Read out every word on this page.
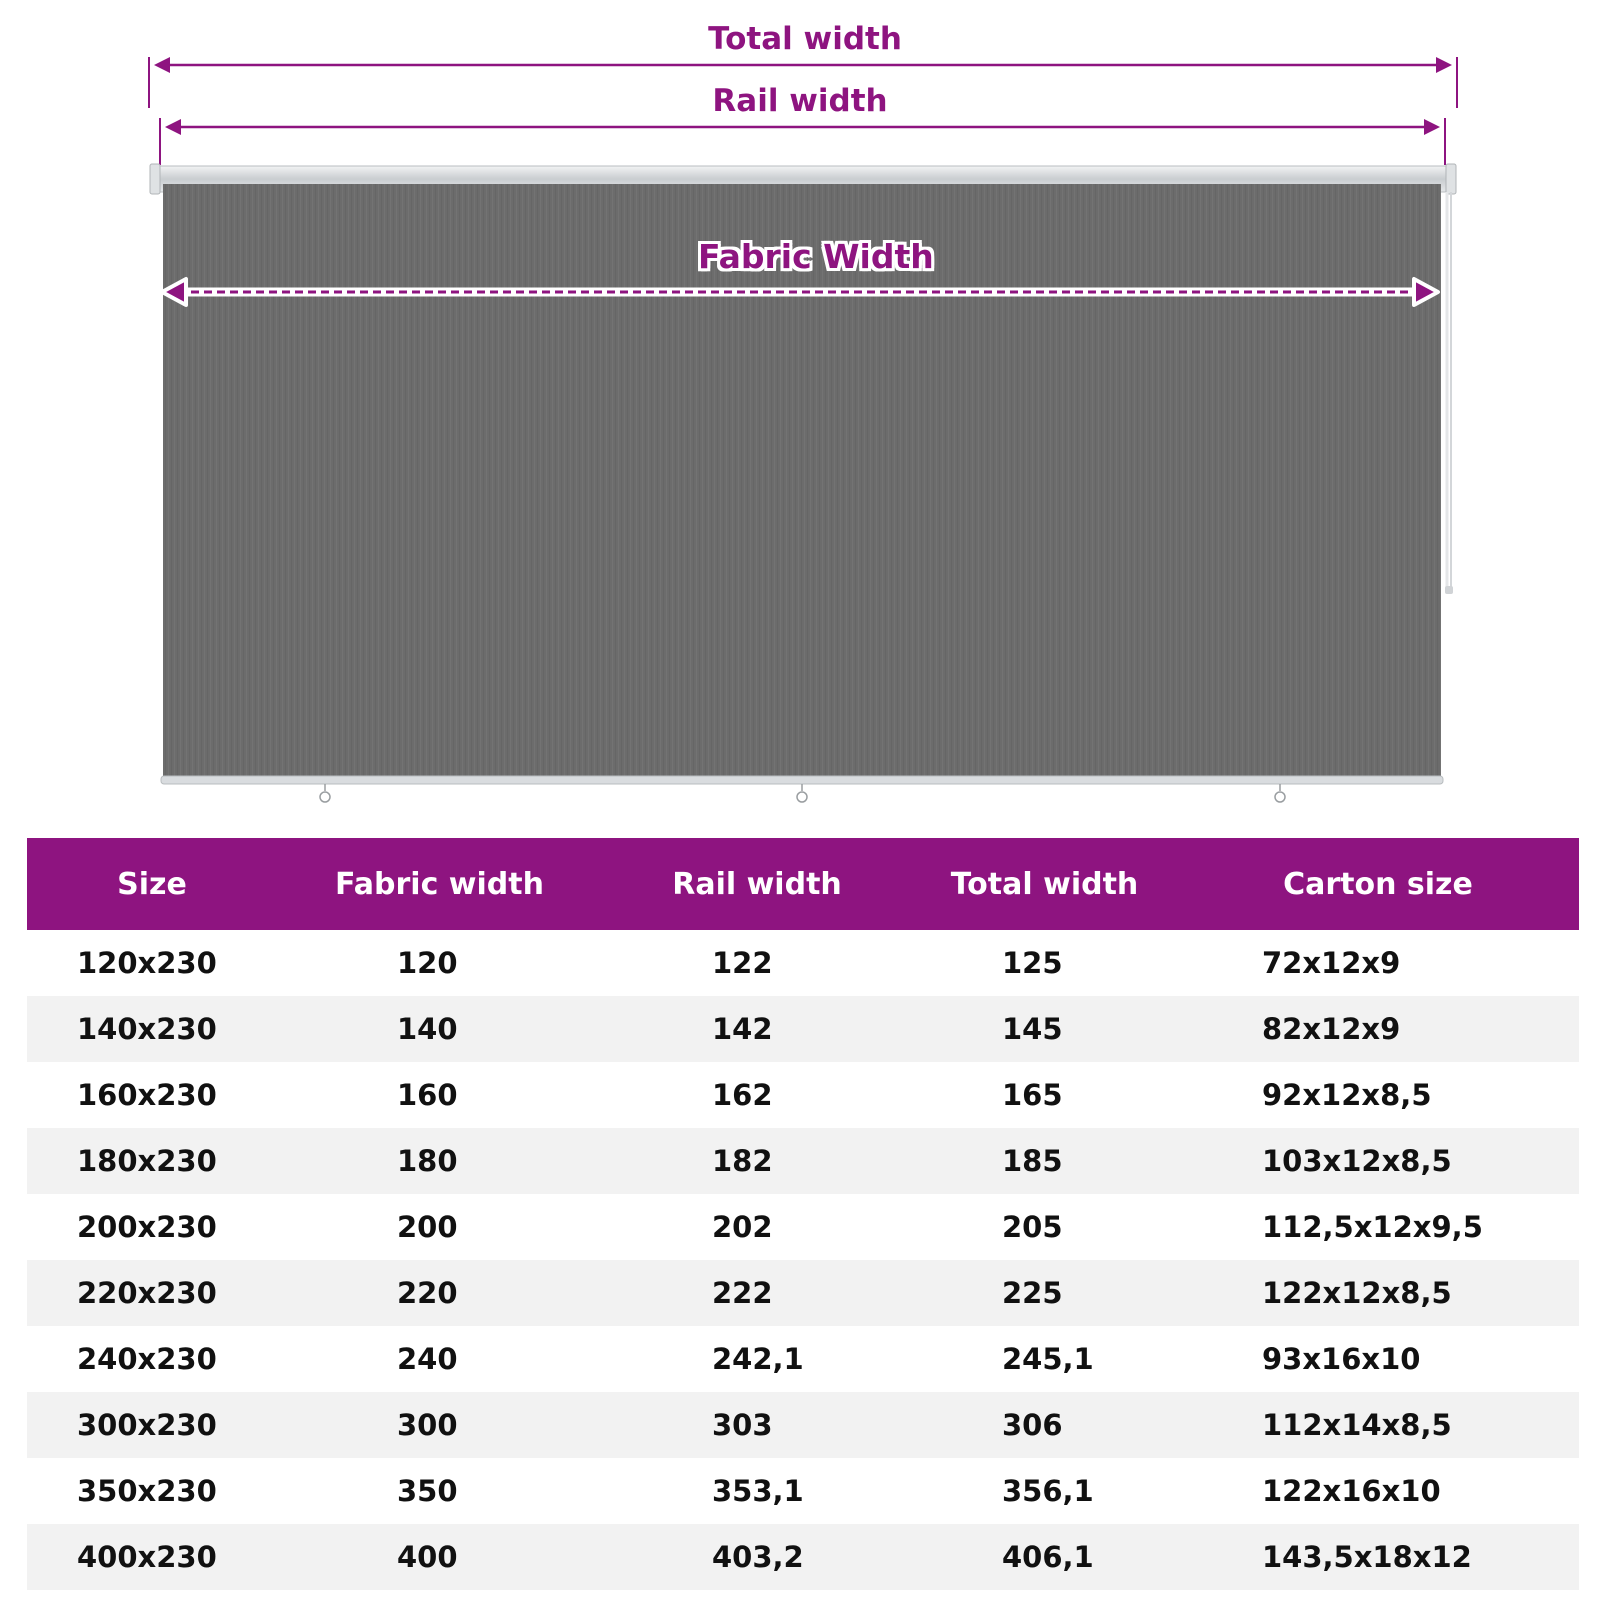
Total width
Rail width
Fabric Width
Size	Fabric width	Rail width	Total width	Carton size
120x230	120	122	125	72x12x9
140x230	140	142	145	82x12x9
160x230	160	162	165	92x12x8,5
180x230	180	182	185	103x12x8,5
200x230	200	202	205	112,5x12x9,5
220x230	220	222	225	122x12x8,5
240x230	240	242,1	245,1	93x16x10
300x230	300	303	306	112x14x8,5
350x230	350	353,1	356,1	122x16x10
400x230	400	403,2	406,1	143,5x18x12
